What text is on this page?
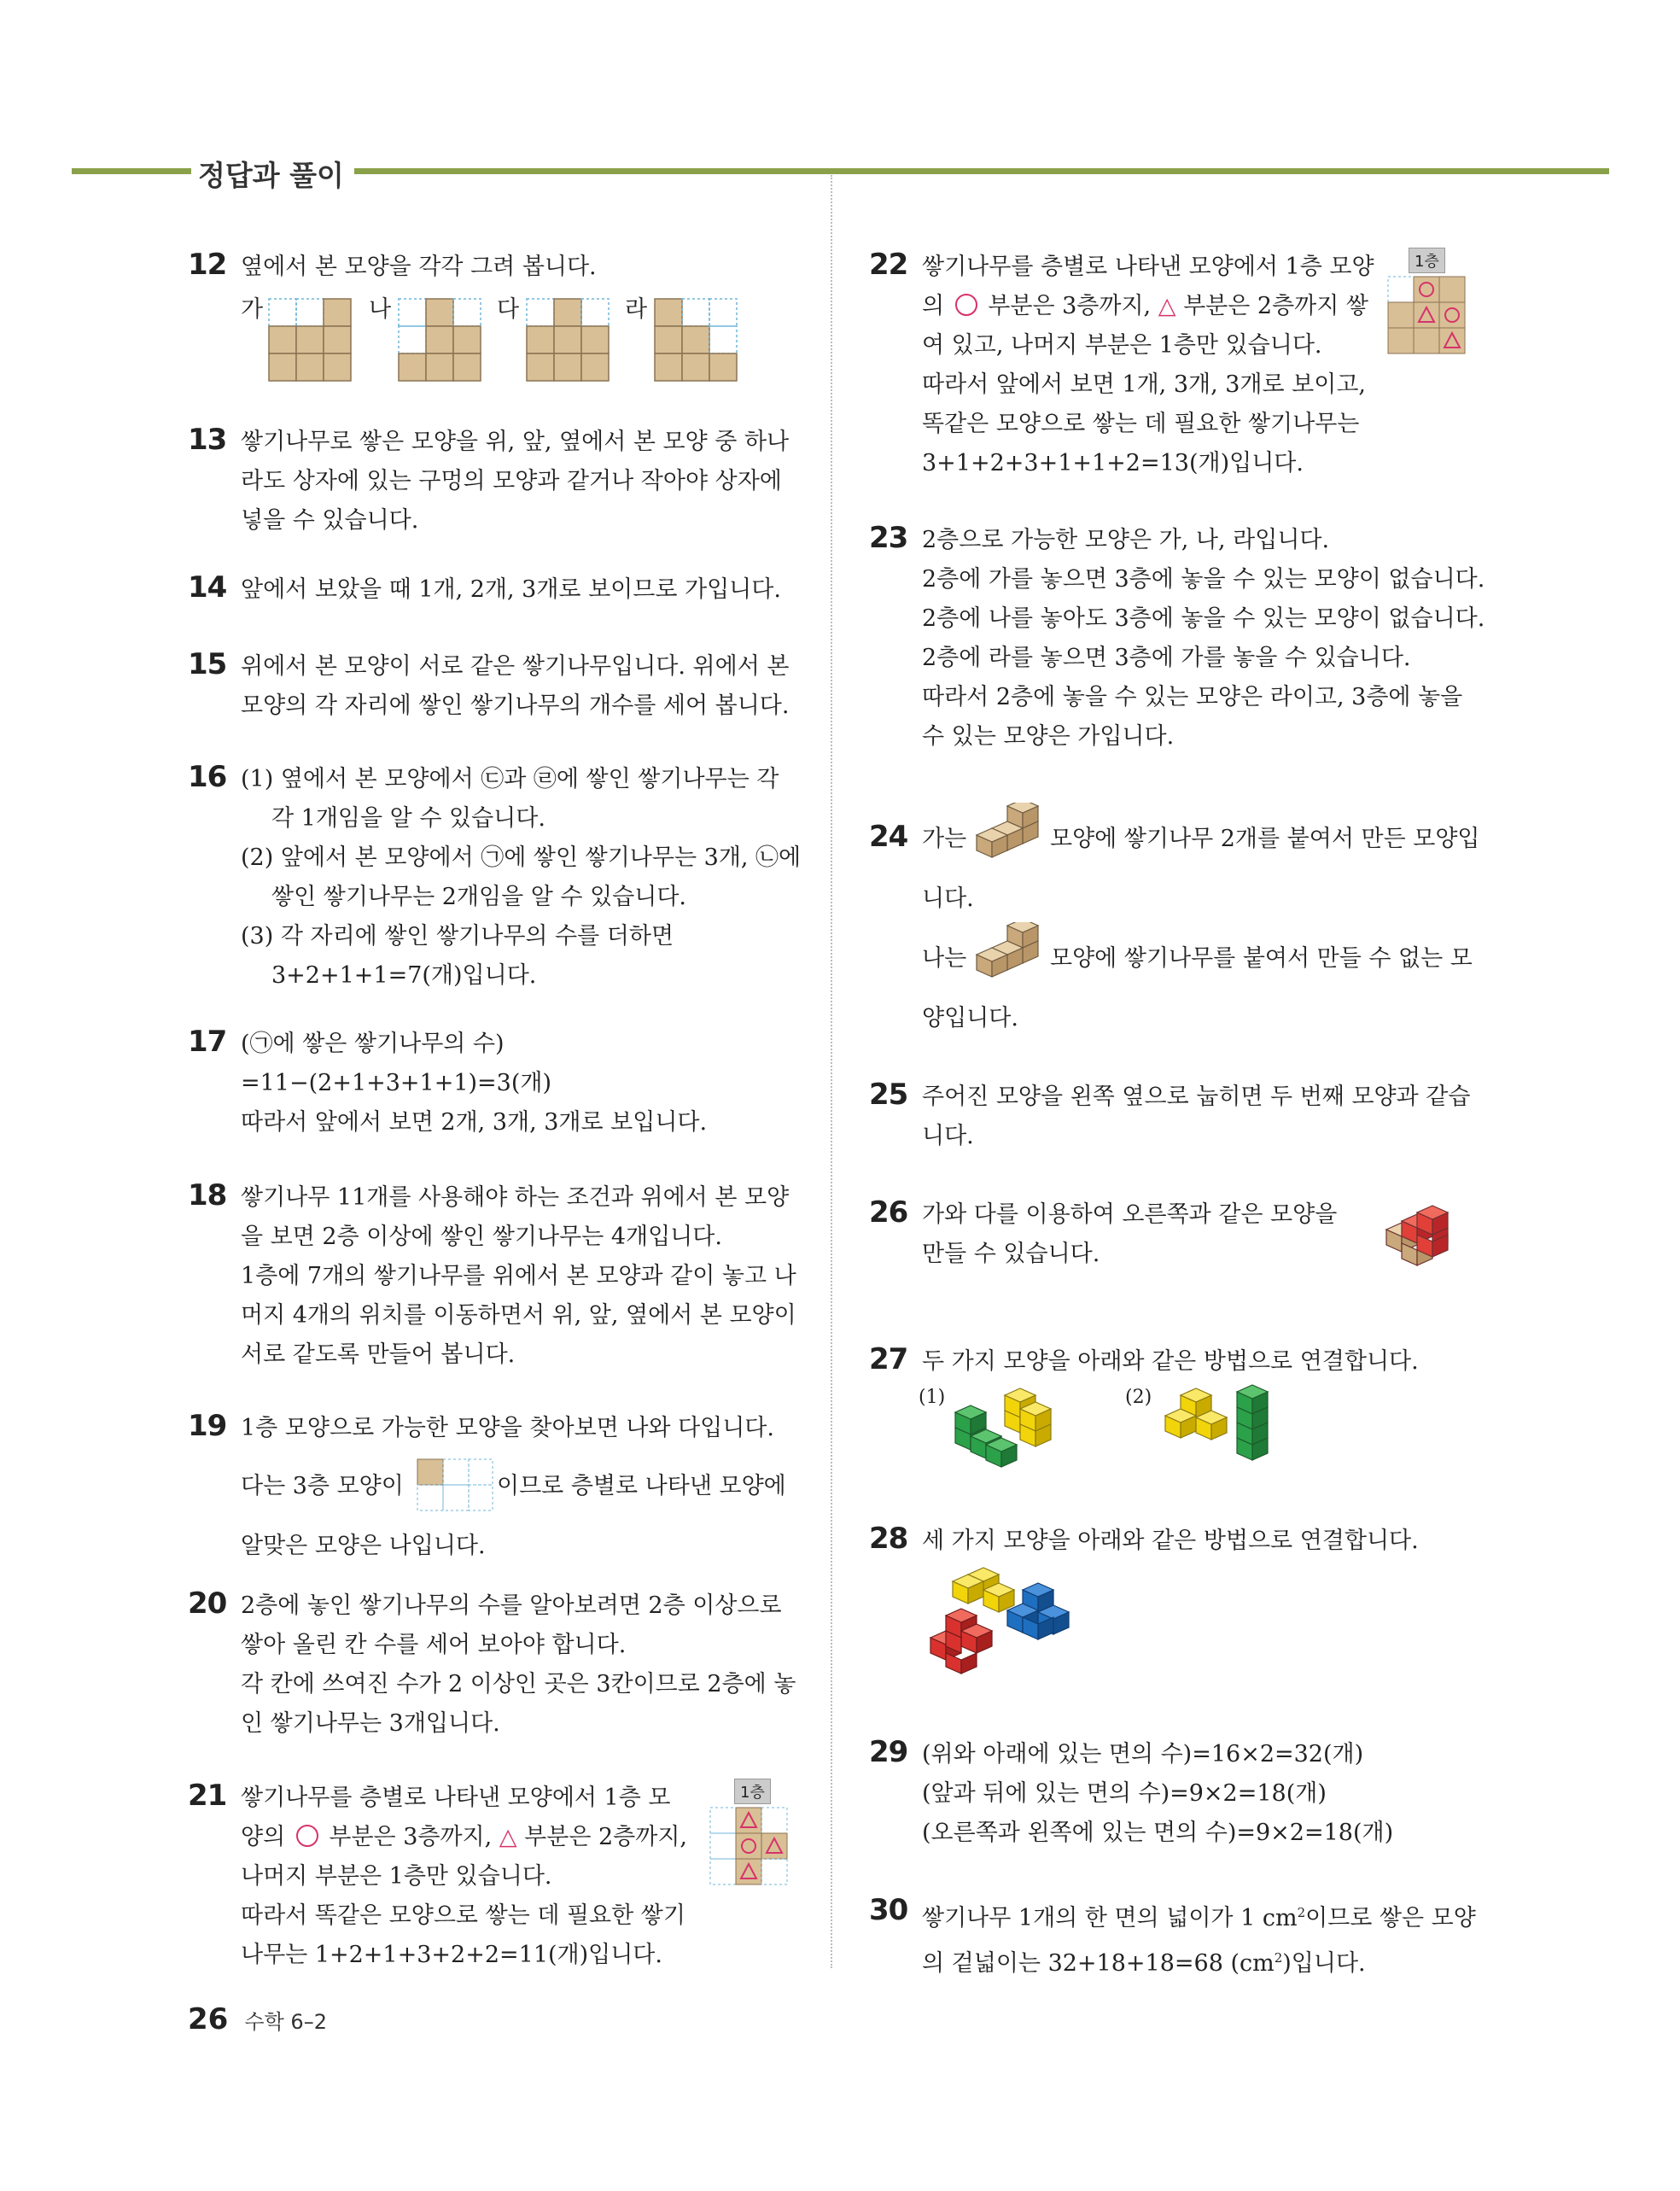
정답과 풀이
12 옆에서 본 모양을 각각 그려 봅니다.

가	나	다	라
13 쌓기나무로 쌓은 모양을 위, 앞, 옆에서 본 모양 중 하나

라도 상자에 있는 구멍의 모양과 같거나 작아야 상자에

넣을 수 있습니다.

14 앞에서 보았을 때 1개, 2개, 3개로 보이므로 가입니다.

15 위에서 본 모양이 서로 같은 쌓기나무입니다. 위에서 본

모양의 각 자리에 쌓인 쌓기나무의 개수를 세어 봅니다.

16 (1) 옆에서 본 모양에서 ㉢과 ㉣에 쌓인 쌓기나무는 각

각 1개임을 알 수 있습니다.

(2) 앞에서 본 모양에서 ㉠에 쌓인 쌓기나무는 3개, ㉡에

쌓인 쌓기나무는 2개임을 알 수 있습니다.

(3) 각 자리에 쌓인 쌓기나무의 수를 더하면

3+2+1+1=7(개)입니다.

17 (㉠에 쌓은 쌓기나무의 수)

=11−(2+1+3+1+1)=3(개)

따라서 앞에서 보면 2개, 3개, 3개로 보입니다.

18 쌓기나무 11개를 사용해야 하는 조건과 위에서 본 모양

을 보면 2층 이상에 쌓인 쌓기나무는 4개입니다.

1층에 7개의 쌓기나무를 위에서 본 모양과 같이 놓고 나

머지 4개의 위치를 이동하면서 위, 앞, 옆에서 본 모양이

서로 같도록 만들어 봅니다.

19 1층 모양으로 가능한 모양을 찾아보면 나와 다입니다.

다는 3층 모양이	이므로 층별로 나타낸 모양에
알맞은 모양은 나입니다.
20 2층에 놓인 쌓기나무의 수를 알아보려면 2층 이상으로

쌓아 올린 칸 수를 세어 보아야 합니다.

각 칸에 쓰여진 수가 2 이상인 곳은 3칸이므로 2층에 놓

인 쌓기나무는 3개입니다.

21 쌓기나무를 층별로 나타낸 모양에서 1층 모

양의 부분은 3층까지, △ 부분은 2층까지,

나머지 부분은 1층만 있습니다.

따라서 똑같은 모양으로 쌓는 데 필요한 쌓기

나무는 1+2+1+3+2+2=11(개)입니다.

1층
22 쌓기나무를 층별로 나타낸 모양에서 1층 모양

의 부분은 3층까지, △ 부분은 2층까지 쌓

여 있고, 나머지 부분은 1층만 있습니다.

따라서 앞에서 보면 1개, 3개, 3개로 보이고,

똑같은 모양으로 쌓는 데 필요한 쌓기나무는

3+1+2+3+1+1+2=13(개)입니다.

1층
23 2층으로 가능한 모양은 가, 나, 라입니다.

2층에 가를 놓으면 3층에 놓을 수 있는 모양이 없습니다.

2층에 나를 놓아도 3층에 놓을 수 있는 모양이 없습니다.

2층에 라를 놓으면 3층에 가를 놓을 수 있습니다.

따라서 2층에 놓을 수 있는 모양은 라이고, 3층에 놓을

수 있는 모양은 가입니다.

24 가는	모양에 쌓기나무 2개를 붙여서 만든 모양입
니다.
나는	모양에 쌓기나무를 붙여서 만들 수 없는 모
양입니다.
25 주어진 모양을 왼쪽 옆으로 눕히면 두 번째 모양과 같습

니다.

26 가와 다를 이용하여 오른쪽과 같은 모양을

만들 수 있습니다.

27 두 가지 모양을 아래와 같은 방법으로 연결합니다.

(1)	(2)
28 세 가지 모양을 아래와 같은 방법으로 연결합니다.

29 (위와 아래에 있는 면의 수)=16×2=32(개)

(앞과 뒤에 있는 면의 수)=9×2=18(개)

(오른쪽과 왼쪽에 있는 면의 수)=9×2=18(개)

30 쌓기나무 1개의 한 면의 넓이가 1 $cm^2$이므로 쌓은 모양

의 겉넓이는 32+18+18=68 $(cm^2)$입니다.

26 수학 6–2
